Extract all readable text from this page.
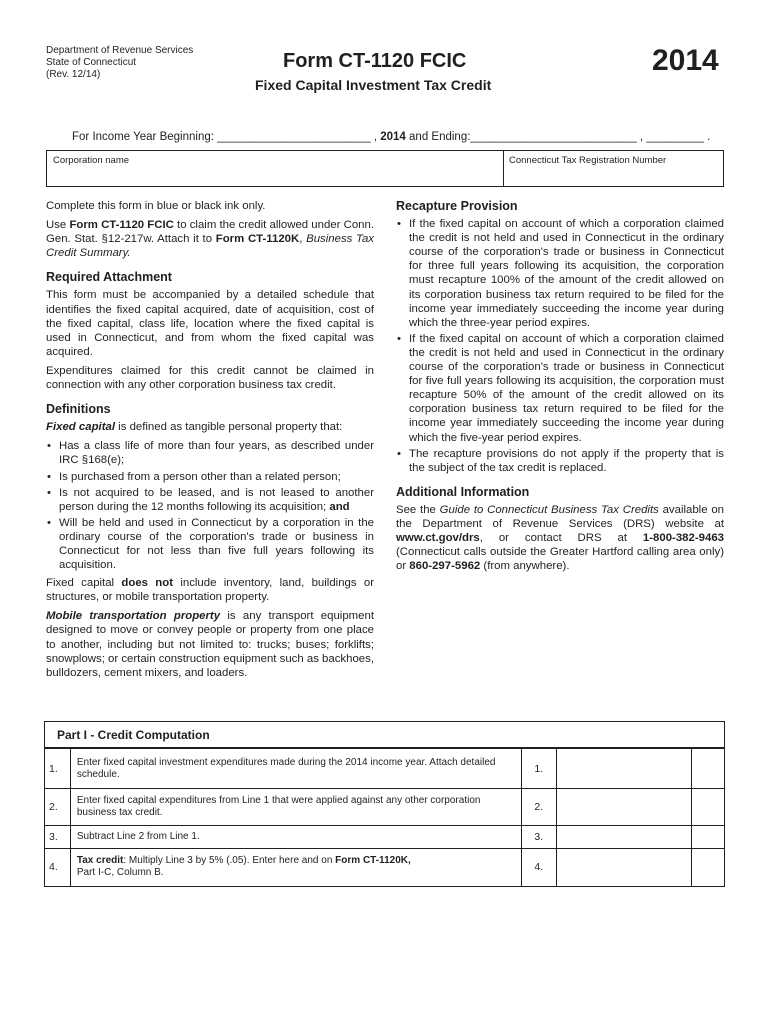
Department of Revenue Services
State of Connecticut
(Rev. 12/14)
Form CT-1120 FCIC
Fixed Capital Investment Tax Credit
2014
For Income Year Beginning: ________________________ , 2014 and Ending:__________________________ , _________ .
Corporation name	Connecticut Tax Registration Number

Complete this form in blue or black ink only.

Use Form CT-1120 FCIC to claim the credit allowed under Conn. Gen. Stat. §12-217w. Attach it to Form CT-1120K, Business Tax Credit Summary.

Required Attachment

This form must be accompanied by a detailed schedule that identifies the fixed capital acquired, date of acquisition, cost of the fixed capital, class life, location where the fixed capital is used in Connecticut, and from whom the fixed capital was acquired.

Expenditures claimed for this credit cannot be claimed in connection with any other corporation business tax credit.

Definitions

Fixed capital is defined as tangible personal property that:

• Has a class life of more than four years, as described under IRC §168(e);
• Is purchased from a person other than a related person;
• Is not acquired to be leased, and is not leased to another person during the 12 months following its acquisition; and
• Will be held and used in Connecticut by a corporation in the ordinary course of the corporation's trade or business in Connecticut for not less than five full years following its acquisition.

Fixed capital does not include inventory, land, buildings or structures, or mobile transportation property.

Mobile transportation property is any transport equipment designed to move or convey people or property from one place to another, including but not limited to: trucks; buses; forklifts; snowplows; or certain construction equipment such as backhoes, bulldozers, cement mixers, and loaders.

Recapture Provision
• If the fixed capital on account of which a corporation claimed the credit is not held and used in Connecticut in the ordinary course of the corporation's trade or business in Connecticut for three full years following its acquisition, the corporation must recapture 100% of the amount of the credit allowed on its corporation business tax return required to be filed for the income year immediately succeeding the income year during which the three-year period expires.
• If the fixed capital on account of which a corporation claimed the credit is not held and used in Connecticut in the ordinary course of the corporation's trade or business in Connecticut for five full years following its acquisition, the corporation must recapture 50% of the amount of the credit allowed on its corporation business tax return required to be filed for the income year immediately succeeding the income year during which the five-year period expires.
• The recapture provisions do not apply if the property that is the subject of the tax credit is replaced.
Additional Information

See the Guide to Connecticut Business Tax Credits available on the Department of Revenue Services (DRS) website at www.ct.gov/drs, or contact DRS at 1-800-382-9463 (Connecticut calls outside the Greater Hartford calling area only) or 860-297-5962 (from anywhere).

Part I - Credit Computation
1.	Enter fixed capital investment expenditures made during the 2014 income year. Attach detailed schedule.	1.		
2.	Enter fixed capital expenditures from Line 1 that were applied against any other corporation business tax credit.	2.		
3.	Subtract Line 2 from Line 1.	3.		
4.	Tax credit: Multiply Line 3 by 5% (.05). Enter here and on Form CT-1120K,
Part I-C, Column B.	4.		
